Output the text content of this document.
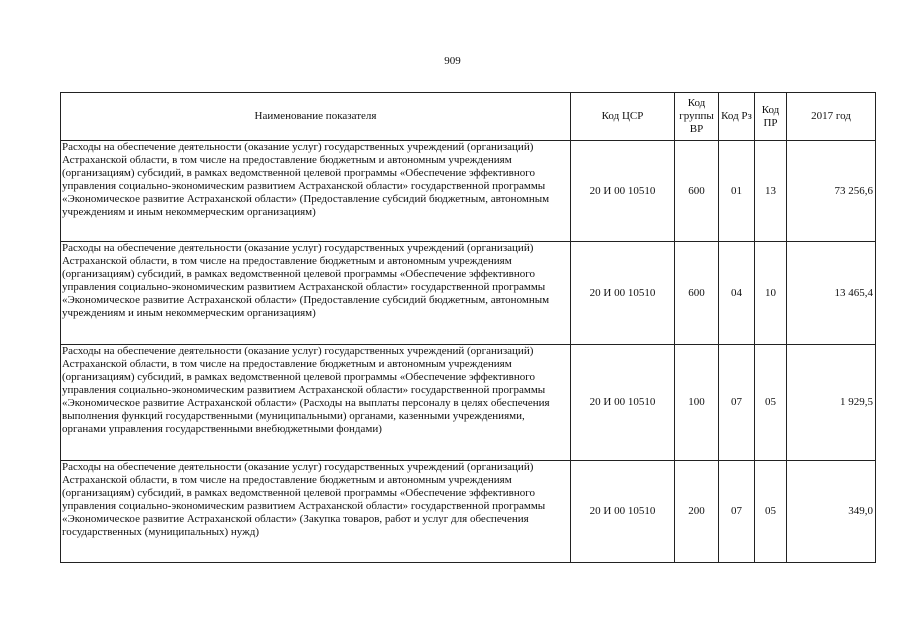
909
Наименование показателя	Код ЦСР	Код группы ВР	Код Рз	Код ПР	2017 год
Расходы на обеспечение деятельности (оказание услуг) государственных учреждений (организаций) Астраханской области, в том числе на предоставление бюджетным и автономным учреждениям (организациям) субсидий, в рамках ведомственной целевой программы «Обеспечение эффективного управления социально-экономическим развитием Астраханской области» государственной программы «Экономическое развитие Астраханской области» (Предоставление субсидий бюджетным, автономным учреждениям и иным некоммерческим организациям)	20 И 00 10510	600	01	13	73 256,6
Расходы на обеспечение деятельности (оказание услуг) государственных учреждений (организаций) Астраханской области, в том числе на предоставление бюджетным и автономным учреждениям (организациям) субсидий, в рамках ведомственной целевой программы «Обеспечение эффективного управления социально-экономическим развитием Астраханской области» государственной программы «Экономическое развитие Астраханской области» (Предоставление субсидий бюджетным, автономным учреждениям и иным некоммерческим организациям)	20 И 00 10510	600	04	10	13 465,4
Расходы на обеспечение деятельности (оказание услуг) государственных учреждений (организаций) Астраханской области, в том числе на предоставление бюджетным и автономным учреждениям (организациям) субсидий, в рамках ведомственной целевой программы «Обеспечение эффективного управления социально-экономическим развитием Астраханской области» государственной программы «Экономическое развитие Астраханской области» (Расходы на выплаты персоналу в целях обеспечения выполнения функций государственными (муниципальными) органами, казенными учреждениями, органами управления государственными внебюджетными фондами)	20 И 00 10510	100	07	05	1 929,5
Расходы на обеспечение деятельности (оказание услуг) государственных учреждений (организаций) Астраханской области, в том числе на предоставление бюджетным и автономным учреждениям (организациям) субсидий, в рамках ведомственной целевой программы «Обеспечение эффективного управления социально-экономическим развитием Астраханской области» государственной программы «Экономическое развитие Астраханской области» (Закупка товаров, работ и услуг для обеспечения государственных (муниципальных) нужд)	20 И 00 10510	200	07	05	349,0
